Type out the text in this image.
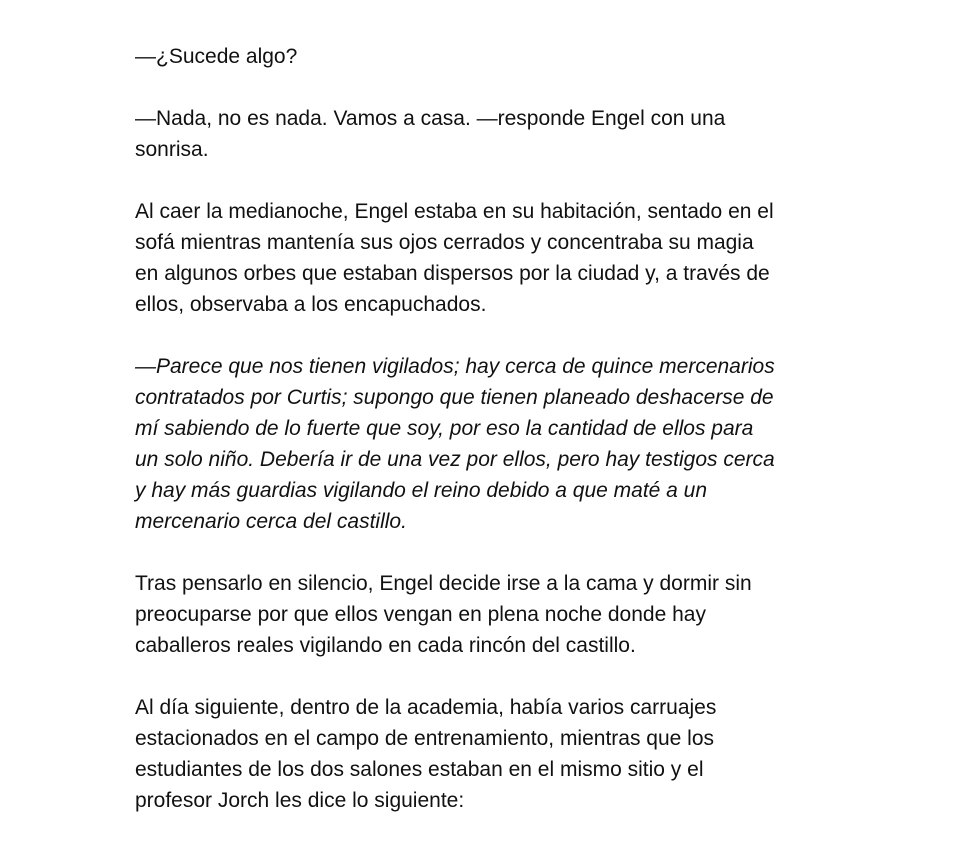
—¿Sucede algo?

—Nada, no es nada. Vamos a casa. —responde Engel con una
sonrisa.

Al caer la medianoche, Engel estaba en su habitación, sentado en el
sofá mientras mantenía sus ojos cerrados y concentraba su magia
en algunos orbes que estaban dispersos por la ciudad y, a través de
ellos, observaba a los encapuchados.

—Parece que nos tienen vigilados; hay cerca de quince mercenarios
contratados por Curtis; supongo que tienen planeado deshacerse de
mí sabiendo de lo fuerte que soy, por eso la cantidad de ellos para
un solo niño. Debería ir de una vez por ellos, pero hay testigos cerca
y hay más guardias vigilando el reino debido a que maté a un
mercenario cerca del castillo.

Tras pensarlo en silencio, Engel decide irse a la cama y dormir sin
preocuparse por que ellos vengan en plena noche donde hay
caballeros reales vigilando en cada rincón del castillo.

Al día siguiente, dentro de la academia, había varios carruajes
estacionados en el campo de entrenamiento, mientras que los
estudiantes de los dos salones estaban en el mismo sitio y el
profesor Jorch les dice lo siguiente:
